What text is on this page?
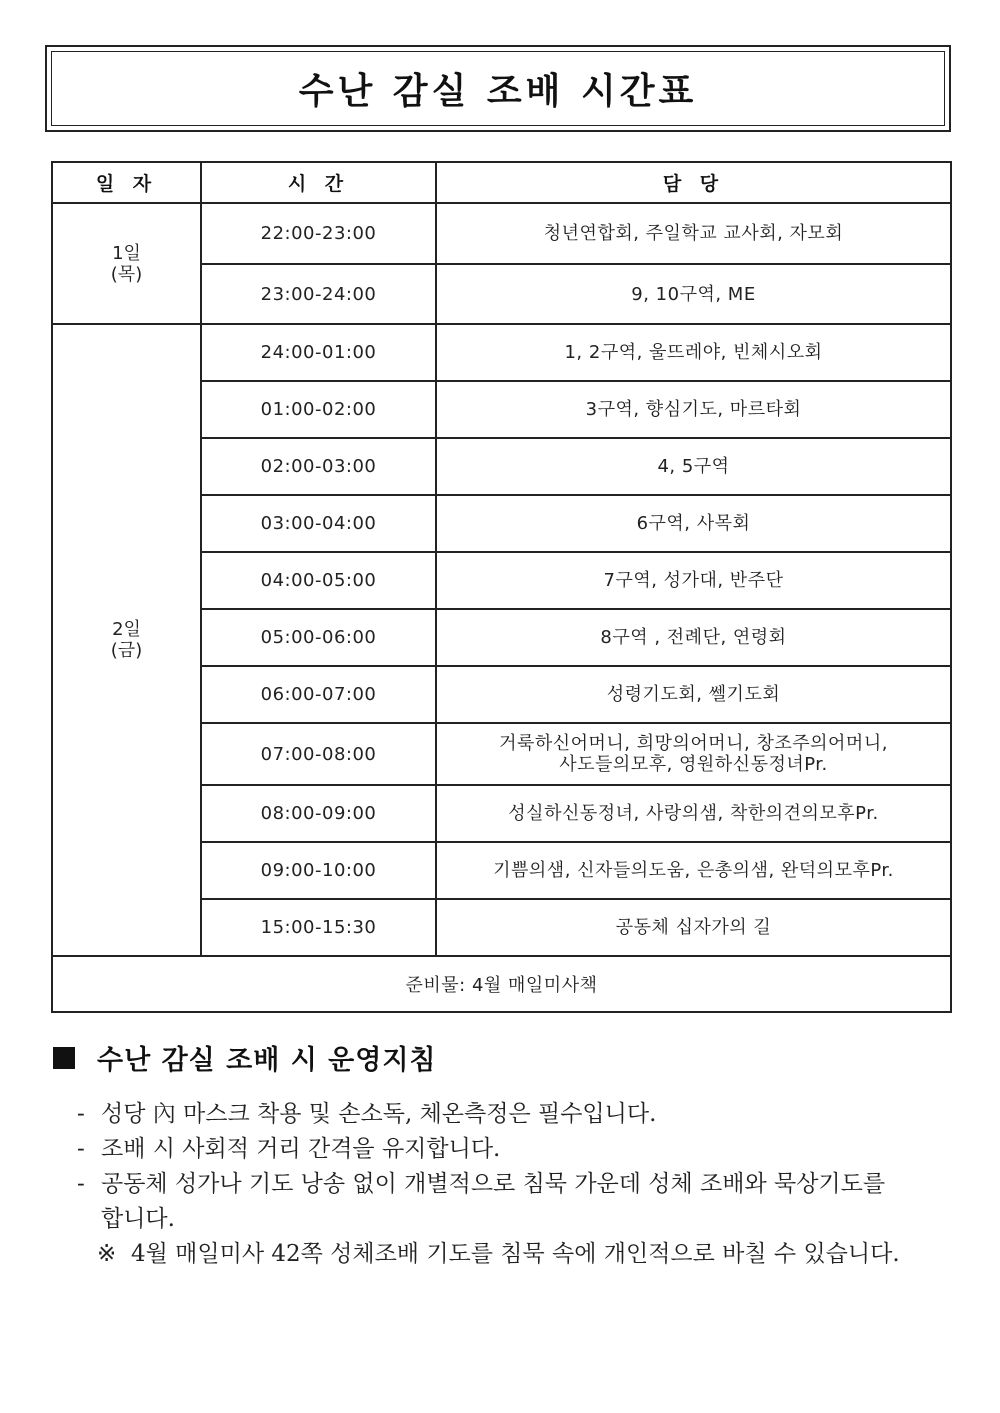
수난 감실 조배 시간표
일 자	시 간	담 당

1일
(목)	22:00-23:00	청년연합회, 주일학교 교사회, 자모회
	23:00-24:00	9, 10구역, ME

2일
(금)	24:00-01:00	1, 2구역, 울뜨레야, 빈체시오회
	01:00-02:00	3구역, 향심기도, 마르타회
	02:00-03:00	4, 5구역
	03:00-04:00	6구역, 사목회
	04:00-05:00	7구역, 성가대, 반주단
	05:00-06:00	8구역 , 전례단, 연령회
	06:00-07:00	성령기도회, 쎌기도회
	07:00-08:00	거룩하신어머니, 희망의어머니, 창조주의어머니,
사도들의모후, 영원하신동정녀Pr.

	08:00-09:00	성실하신동정녀, 사랑의샘, 착한의견의모후Pr.
	09:00-10:00	기쁨의샘, 신자들의도움, 은총의샘, 완덕의모후Pr.
	15:00-15:30	공동체 십자가의 길
준비물: 4월 매일미사책		
수난 감실 조배 시 운영지침
- 성당 內 마스크 착용 및 손소독, 체온측정은 필수입니다.
- 조배 시 사회적 거리 간격을 유지합니다.
- 공동체 성가나 기도 낭송 없이 개별적으로 침묵 가운데 성체 조배와 묵상기도를 합니다.
※ 4월 매일미사 42쪽 성체조배 기도를 침묵 속에 개인적으로 바칠 수 있습니다.
